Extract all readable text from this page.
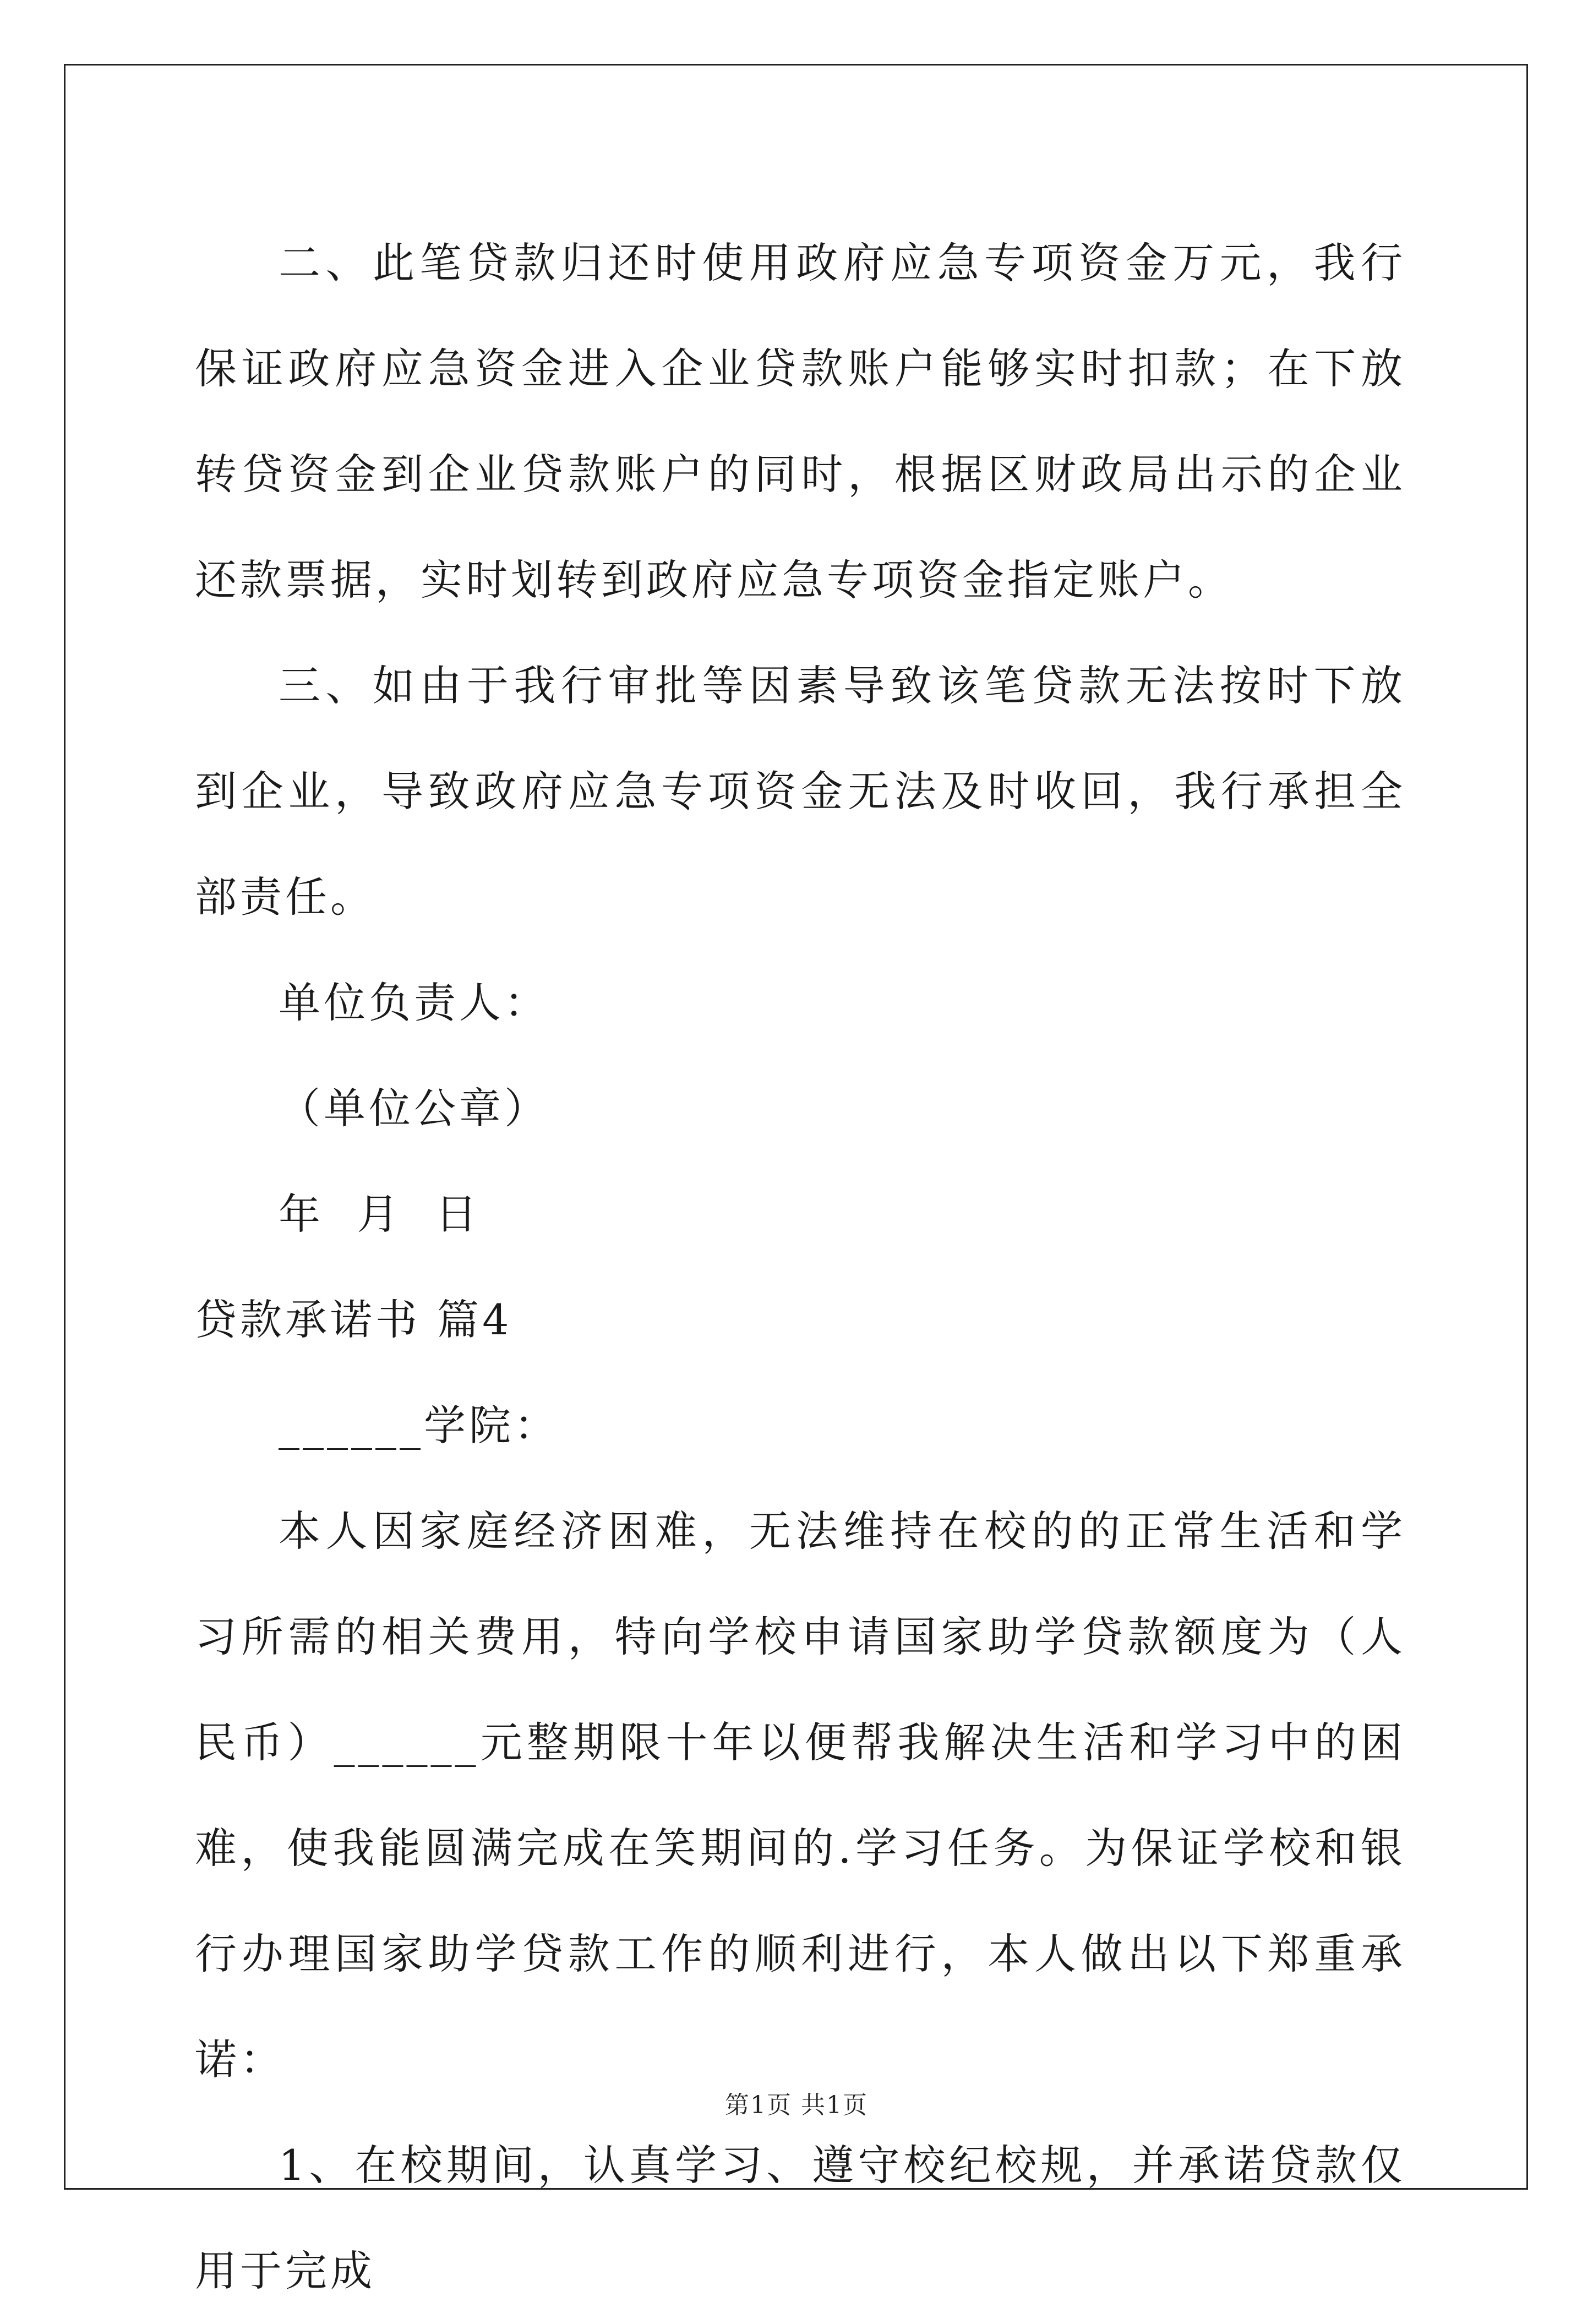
二、此笔贷款归还时使用政府应急专项资金万元，我行保证政府应急资金进入企业贷款账户能够实时扣款；在下放转贷资金到企业贷款账户的同时，根据区财政局出示的企业还款票据，实时划转到政府应急专项资金指定账户。

三、如由于我行审批等因素导致该笔贷款无法按时下放到企业，导致政府应急专项资金无法及时收回，我行承担全部责任。

单位负责人：

（单位公章）

年  月  日

贷款承诺书 篇4

______学院：

本人因家庭经济困难，无法维持在校的的正常生活和学习所需的相关费用，特向学校申请国家助学贷款额度为（人民币）______元整期限十年以便帮我解决生活和学习中的困难，使我能圆满完成在笑期间的.学习任务。为保证学校和银行办理国家助学贷款工作的顺利进行，本人做出以下郑重承诺：

1、在校期间，认真学习、遵守校纪校规，并承诺贷款仅用于完成

第1页 共1页
